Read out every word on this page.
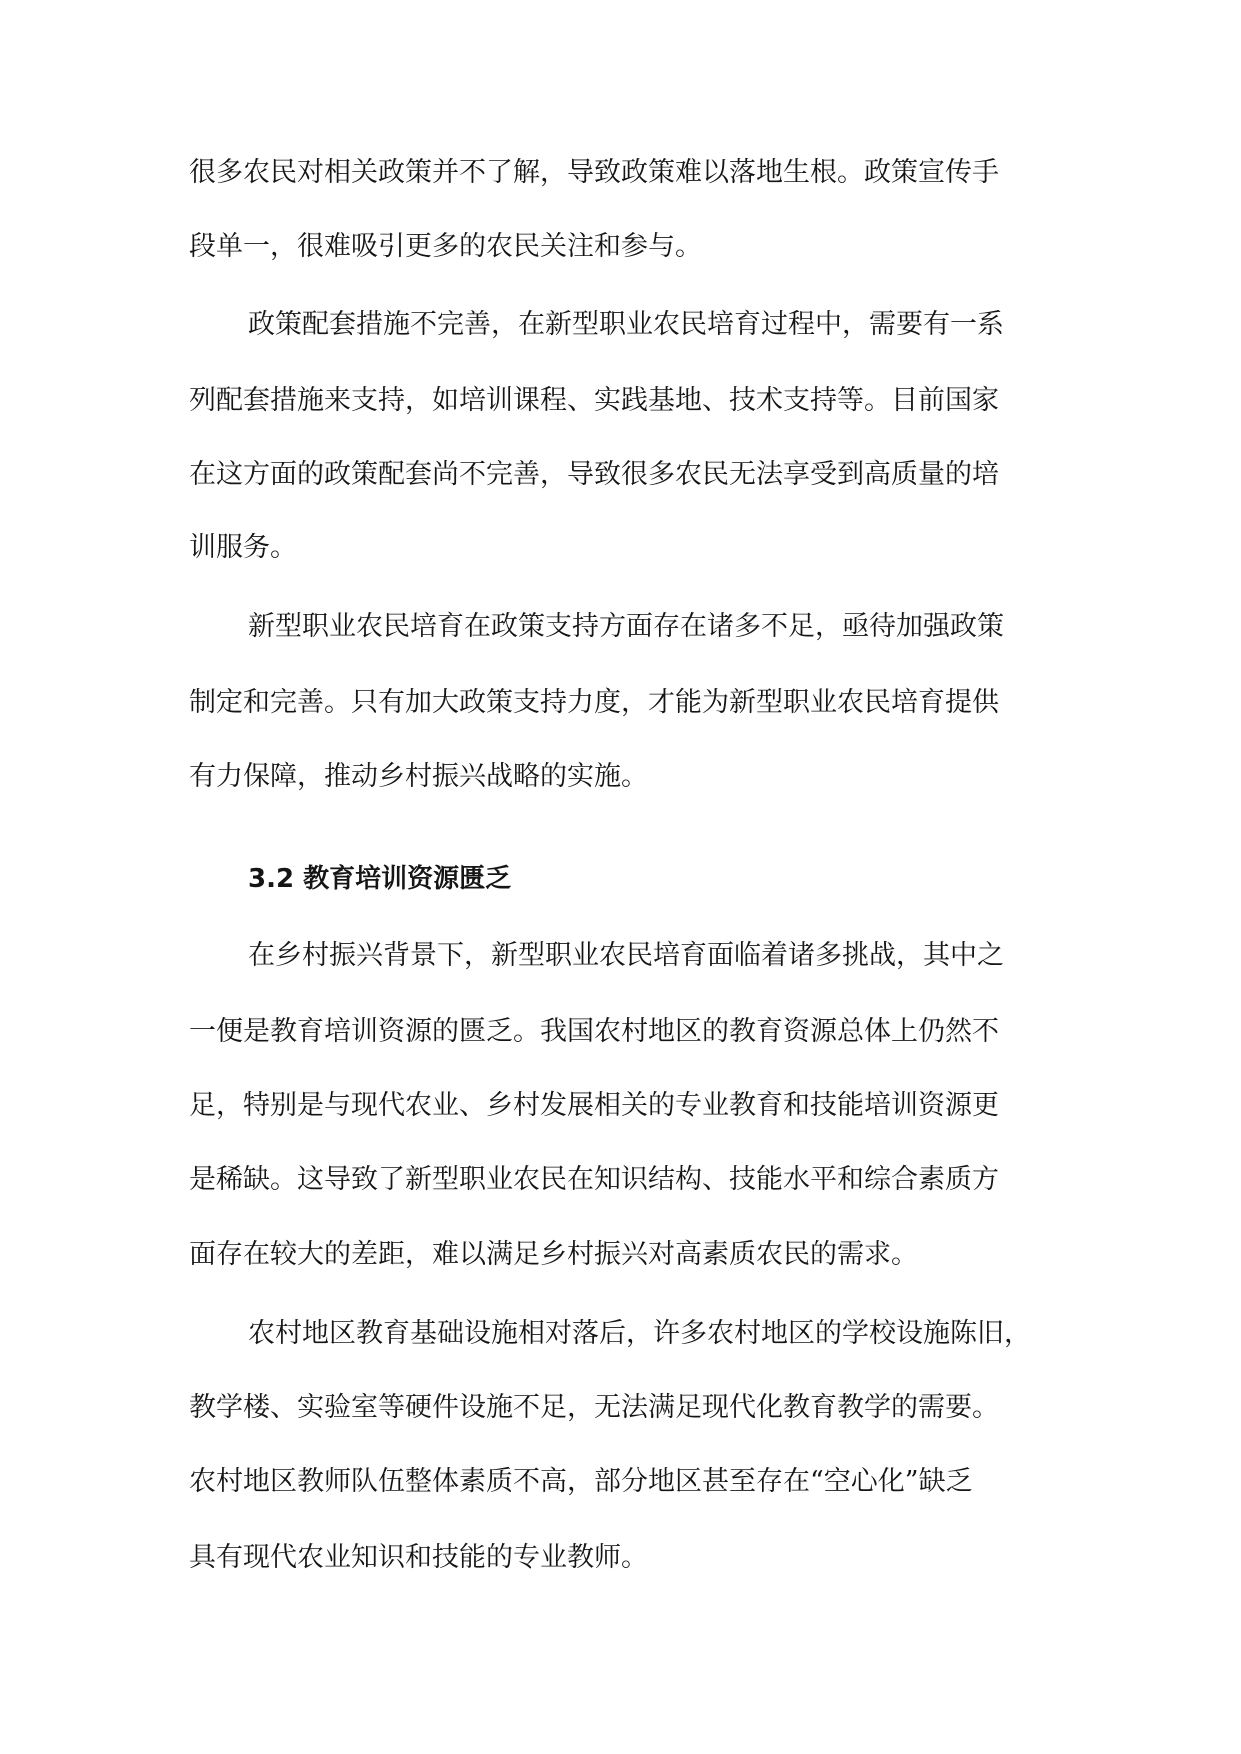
很多农民对相关政策并不了解，导致政策难以落地生根。政策宣传手
段单一，很难吸引更多的农民关注和参与。
政策配套措施不完善，在新型职业农民培育过程中，需要有一系
列配套措施来支持，如培训课程、实践基地、技术支持等。目前国家
在这方面的政策配套尚不完善，导致很多农民无法享受到高质量的培
训服务。
新型职业农民培育在政策支持方面存在诸多不足，亟待加强政策
制定和完善。只有加大政策支持力度，才能为新型职业农民培育提供
有力保障，推动乡村振兴战略的实施。
3.2 教育培训资源匮乏
在乡村振兴背景下，新型职业农民培育面临着诸多挑战，其中之
一便是教育培训资源的匮乏。我国农村地区的教育资源总体上仍然不
足，特别是与现代农业、乡村发展相关的专业教育和技能培训资源更
是稀缺。这导致了新型职业农民在知识结构、技能水平和综合素质方
面存在较大的差距，难以满足乡村振兴对高素质农民的需求。
农村地区教育基础设施相对落后，许多农村地区的学校设施陈旧，
教学楼、实验室等硬件设施不足，无法满足现代化教育教学的需要。
农村地区教师队伍整体素质不高，部分地区甚至存在“空心化”缺乏
具有现代农业知识和技能的专业教师。
